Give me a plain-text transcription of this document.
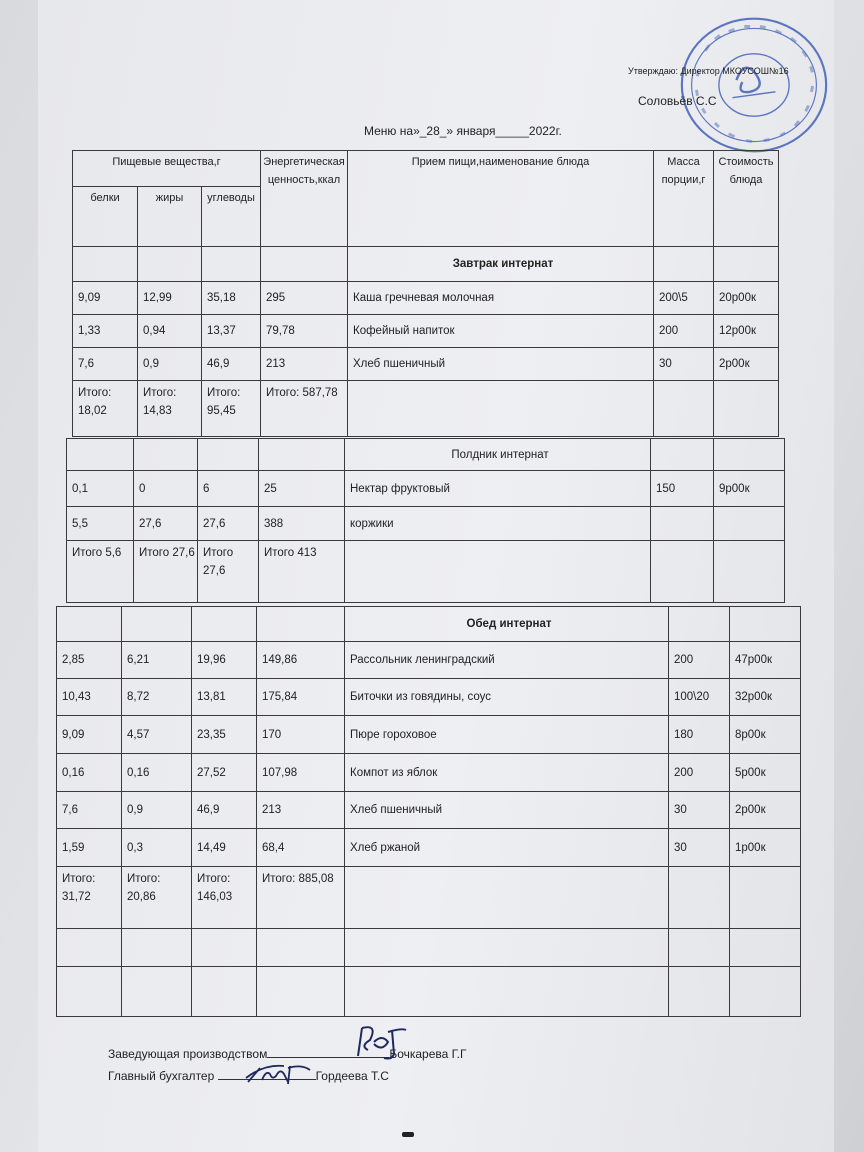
Утверждаю: Директор МКОУСОШ№16
Соловьёв С.С
Меню на»_28_» января_____2022г.
Пищевые вещества,г			Энергетическая ценность,ккал	Прием пищи,наименование блюда	Масса порции,г	Стоимость блюда
белки	жиры	углеводы				
				Завтрак интернат		
9,09	12,99	35,18	295	Каша гречневая молочная	200\5	20р00к
1,33	0,94	13,37	79,78	Кофейный напиток	200	12р00к
7,6	0,9	46,9	213	Хлеб пшеничный	30	2р00к
Итого: 18,02	Итого: 14,83	Итого: 95,45	Итого: 587,78			
				Полдник интернат		
0,1	0	6	25	Нектар фруктовый	150	9р00к
5,5	27,6	27,6	388	коржики		
Итого 5,6	Итого 27,6	Итого 27,6	Итого 413			
				Обед интернат		
2,85	6,21	19,96	149,86	Рассольник ленинградский	200	47р00к
10,43	8,72	13,81	175,84	Биточки из говядины, соус	100\20	32р00к
9,09	4,57	23,35	170	Пюре гороховое	180	8р00к
0,16	0,16	27,52	107,98	Компот из яблок	200	5р00к
7,6	0,9	46,9	213	Хлеб пшеничный	30	2р00к
1,59	0,3	14,49	68,4	Хлеб ржаной	30	1р00к
Итого: 31,72	Итого: 20,86	Итого: 146,03	Итого: 885,08			

Заведующая производством	Бочкарева Г.Г
Главный бухгалтер	Гордеева Т.С
